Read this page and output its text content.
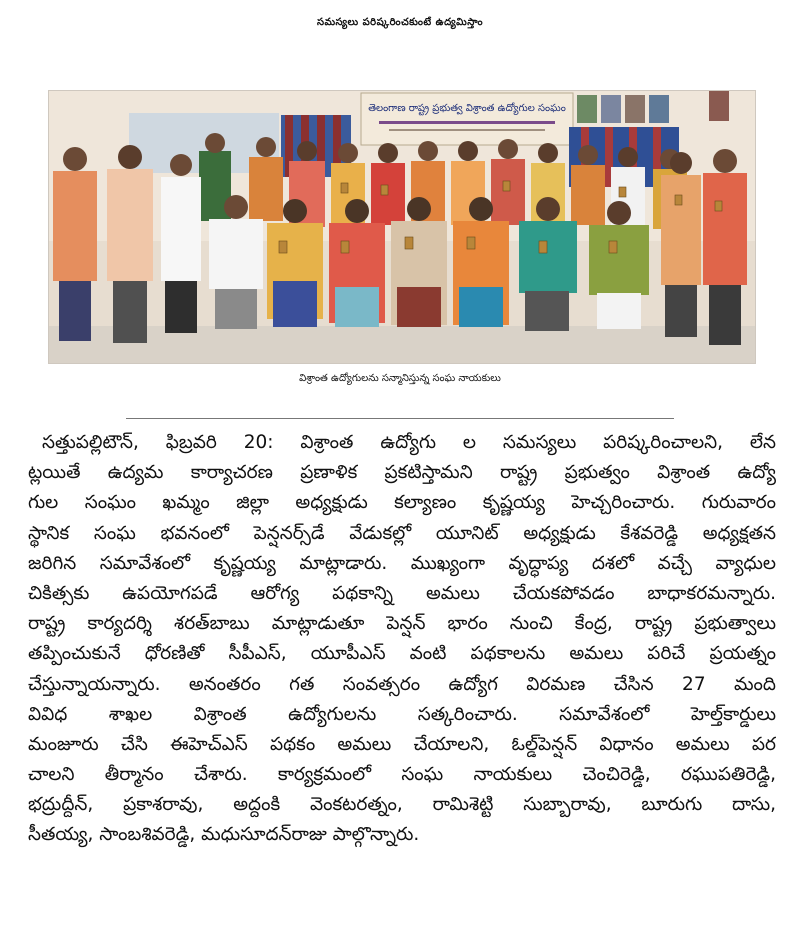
సమస్యలు పరిష్కరించకుంటే ఉద్యమిస్తాం
తెలంగాణ రాష్ట్ర ప్రభుత్వ విశ్రాంత ఉద్యోగుల సంఘం
విశ్రాంత ఉద్యోగులను సన్మానిస్తున్న సంఘ నాయకులు
సత్తుపల్లిటౌన్, ఫిబ్రవరి 20: విశ్రాంత ఉద్యోగు ల సమస్యలు పరిష్కరించాలని, లేన
ట్లయితే ఉద్యమ కార్యాచరణ ప్రణాళిక ప్రకటిస్తామని రాష్ట్ర ప్రభుత్వం విశ్రాంత ఉద్యో
గుల సంఘం ఖమ్మం జిల్లా అధ్యక్షుడు కల్యాణం కృష్ణయ్య హెచ్చరించారు. గురువారం
స్థానిక సంఘ భవనంలో పెన్షనర్స్‌డే వేడుకల్లో యూనిట్ అధ్యక్షుడు కేశవరెడ్డి అధ్యక్షతన
జరిగిన సమావేశంలో కృష్ణయ్య మాట్లాడారు. ముఖ్యంగా వృద్ధాప్య దశలో వచ్చే వ్యాధుల
చికిత్సకు ఉపయోగపడే ఆరోగ్య పథకాన్ని అమలు చేయకపోవడం బాధాకరమన్నారు.
రాష్ట్ర కార్యదర్శి శరత్‌బాబు మాట్లాడుతూ పెన్షన్ భారం నుంచి కేంద్ర, రాష్ట్ర ప్రభుత్వాలు
తప్పించుకునే ధోరణితో సీపీఎస్, యూపీఎస్ వంటి పథకాలను అమలు పరిచే ప్రయత్నం
చేస్తున్నాయన్నారు. అనంతరం గత సంవత్సరం ఉద్యోగ విరమణ చేసిన 27 మంది
వివిధ శాఖల విశ్రాంత ఉద్యోగులను సత్కరించారు. సమావేశంలో హెల్త్‌కార్డులు
మంజూరు చేసి ఈహెచ్ఎస్ పథకం అమలు చేయాలని, ఓల్డ్‌పెన్షన్ విధానం అమలు పర
చాలని తీర్మానం చేశారు. కార్యక్రమంలో సంఘ నాయకులు చెంచిరెడ్డి, రఘుపతిరెడ్డి,
భద్రుద్దీన్, ప్రకాశరావు, అద్దంకి వెంకటరత్నం, రామిశెట్టి సుబ్బారావు, బూరుగు దాసు,
సీతయ్య, సాంబశివరెడ్డి, మధుసూదన్‌రాజు పాల్గొన్నారు.
